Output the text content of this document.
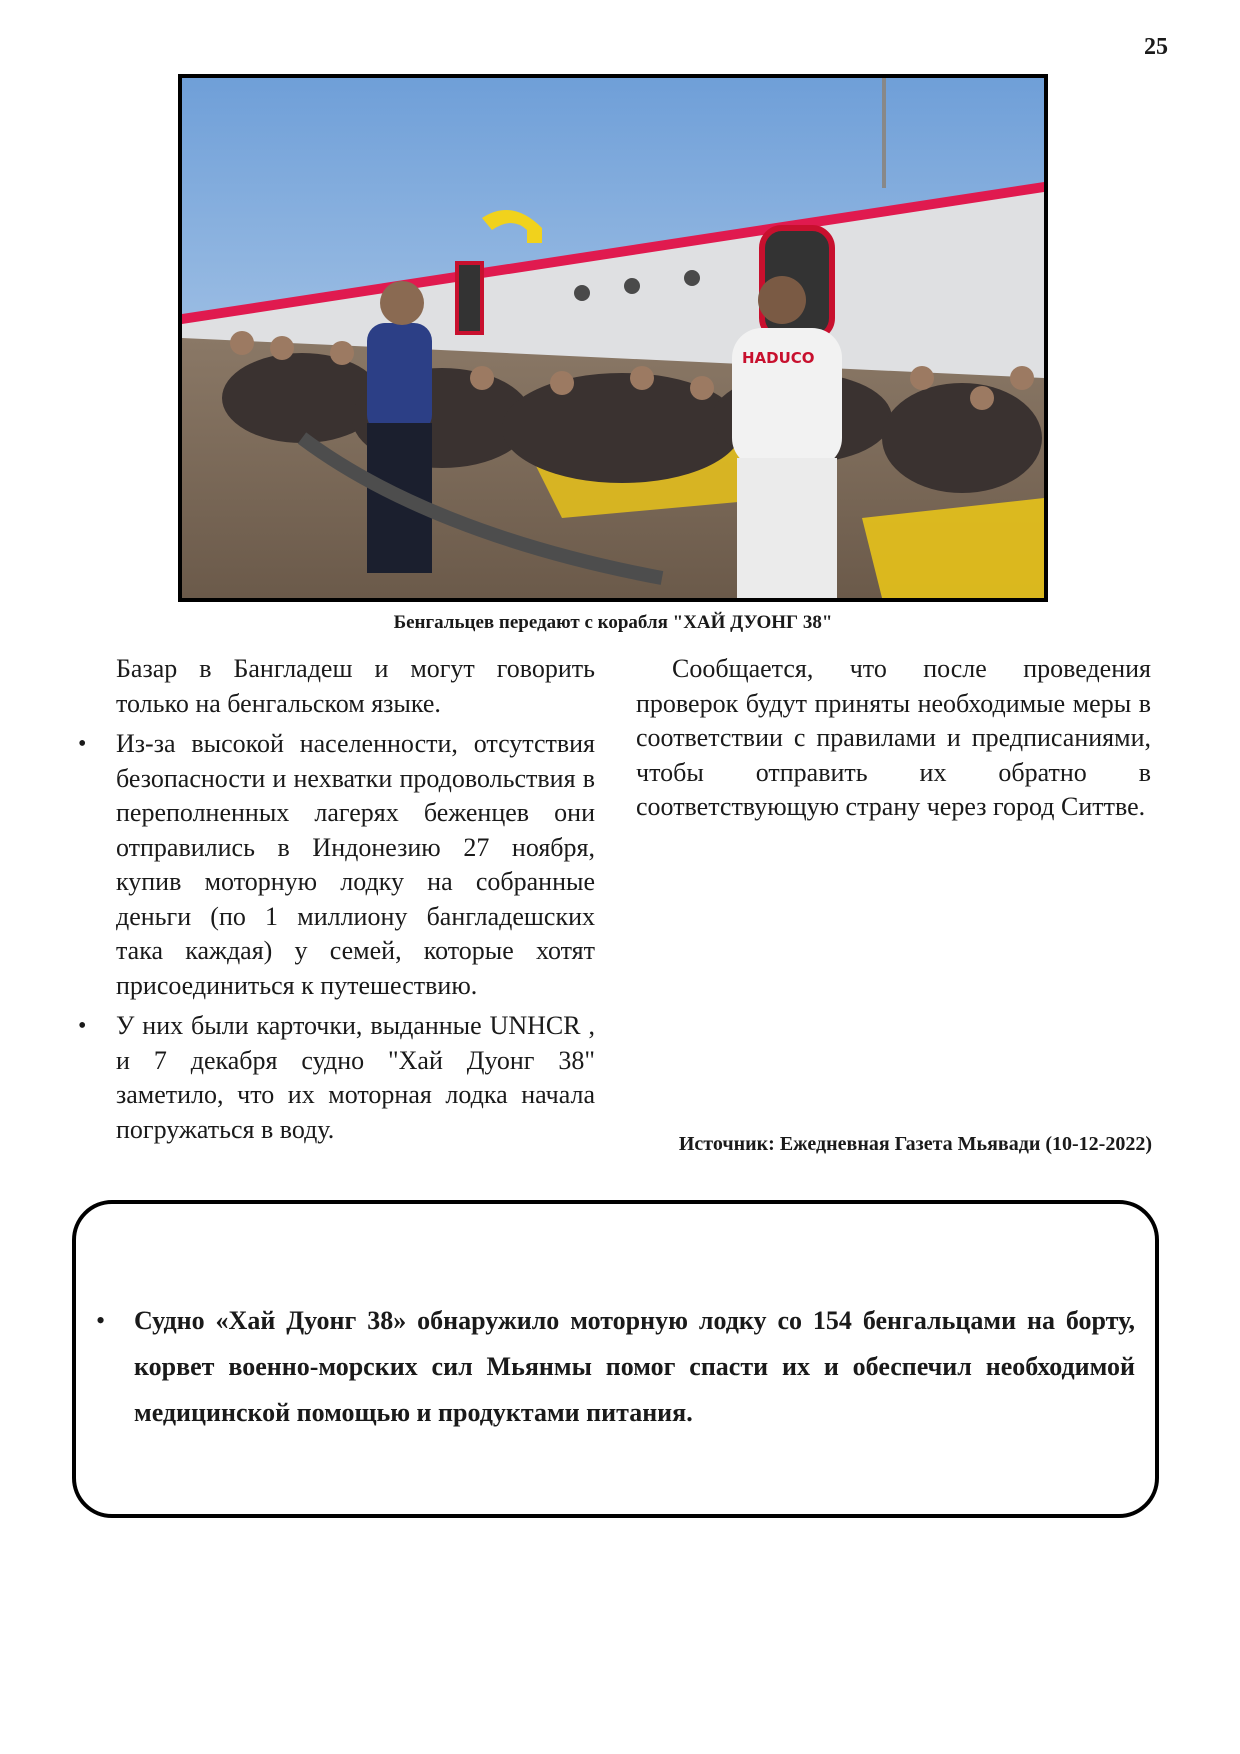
25
HADUCO
Бенгальцев передают с корабля "ХАЙ ДУОНГ 38"

Базар в Бангладеш и могут говорить только на бенгальском языке.

• Из-за высокой населенности, отсутствия безопасности и нехватки продовольствия в переполненных лагерях беженцев они отправились в Индонезию 27 ноября, купив моторную лодку на собранные деньги (по 1 миллиону бангладешских така каждая) у семей, которые хотят присоединиться к путешествию.
• У них были карточки, выданные UNHCR , и 7 декабря судно "Хай Дуонг 38" заметило, что их моторная лодка начала погружаться в воду.

Сообщается, что после проведения проверок будут приняты необходимые меры в соответствии с правилами и предписаниями, чтобы отправить их обратно в соответствующую страну через город Ситтве.

Источник: Ежедневная Газета Мьявади (10-12-2022)
• Судно «Хай Дуонг 38» обнаружило моторную лодку со 154 бенгальцами на борту, корвет военно-морских сил Мьянмы помог спасти их и обеспечил необходимой медицинской помощью и продуктами питания.
